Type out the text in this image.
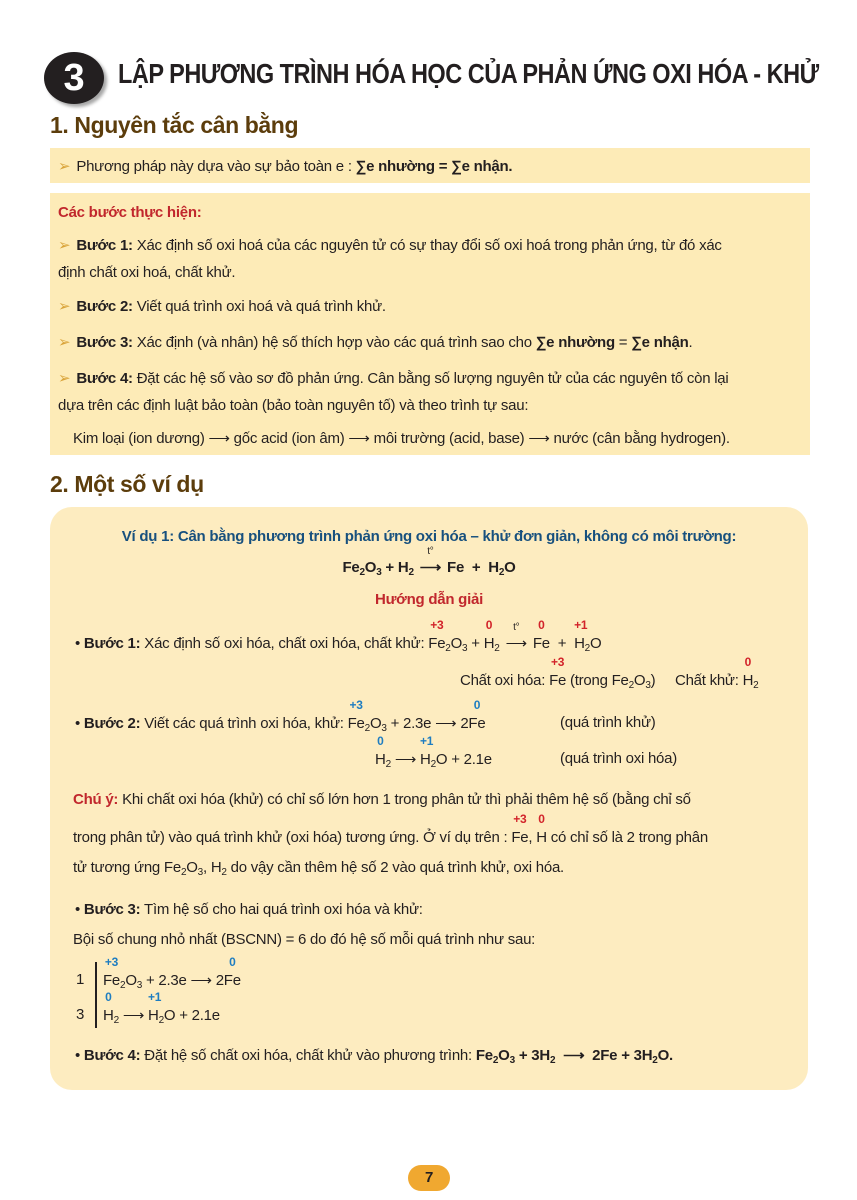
3	LẬP PHƯƠNG TRÌNH HÓA HỌC CỦA PHẢN ỨNG OXI HÓA - KHỬ
1. Nguyên tắc cân bằng
➢ Phương pháp này dựa vào sự bảo toàn e : ∑e nhường = ∑e nhận.
Các bước thực hiện:
➢ Bước 1: Xác định số oxi hoá của các nguyên tử có sự thay đổi số oxi hoá trong phản ứng, từ đó xác
định chất oxi hoá, chất khử.
➢ Bước 2: Viết quá trình oxi hoá và quá trình khử.
➢ Bước 3: Xác định (và nhân) hệ số thích hợp vào các quá trình sao cho ∑e nhường = ∑e nhận.
➢ Bước 4: Đặt các hệ số vào sơ đồ phản ứng. Cân bằng số lượng nguyên tử của các nguyên tố còn lại
dựa trên các định luật bảo toàn (bảo toàn nguyên tố) và theo trình tự sau:
Kim loại (ion dương) ⟶ gốc acid (ion âm) ⟶ môi trường (acid, base) ⟶ nước (cân bằng hydrogen).
2. Một số ví dụ
Ví dụ 1: Cân bằng phương trình phản ứng oxi hóa – khử đơn giản, không có môi trường:
$Fe_2O_3 + H_2$
t°
⟶ $Fe + H_2O$
Hướng dẫn giải
• Bước 1: Xác định số oxi hóa, chất oxi hóa, chất khử:
+3
$Fe_2O_3$ +
0
$H_2$
t°
⟶
0
Fe  +
+1
$H_2O$
Chất oxi hóa:
+3
Fe (trong $Fe_2O_3$)     Chất khử:
0
$H_2$
• Bước 2: Viết các quá trình oxi hóa, khử:
+3
$Fe_2O_3 + 2.3e$ ⟶ 2
0
Fe	(quá trình khử)
0
$H_2$ ⟶
+1
$H_2O + 2.1e$	(quá trình oxi hóa)
Chú ý: Khi chất oxi hóa (khử) có chỉ số lớn hơn 1 trong phân tử thì phải thêm hệ số (bằng chỉ số
trong phân tử) vào quá trình khử (oxi hóa) tương ứng. Ở ví dụ trên :
+3
Fe,
0
H có chỉ số là 2 trong phân
tử tương ứng $Fe_2O_3$, $H_2$ do vậy cần thêm hệ số 2 vào quá trình khử, oxi hóa.
• Bước 3: Tìm hệ số cho hai quá trình oxi hóa và khử:
Bội số chung nhỏ nhất (BSCNN) = 6 do đó hệ số mỗi quá trình như sau:
1
+3
$Fe_2O_3 + 2.3e$ ⟶ 2
0
Fe
3
0
$H_2$ ⟶
+1
$H_2O + 2.1e$
• Bước 4: Đặt hệ số chất oxi hóa, chất khử vào phương trình: $Fe_2O_3 + 3H_2$  ⟶  $2Fe + 3H_2O$.
7
